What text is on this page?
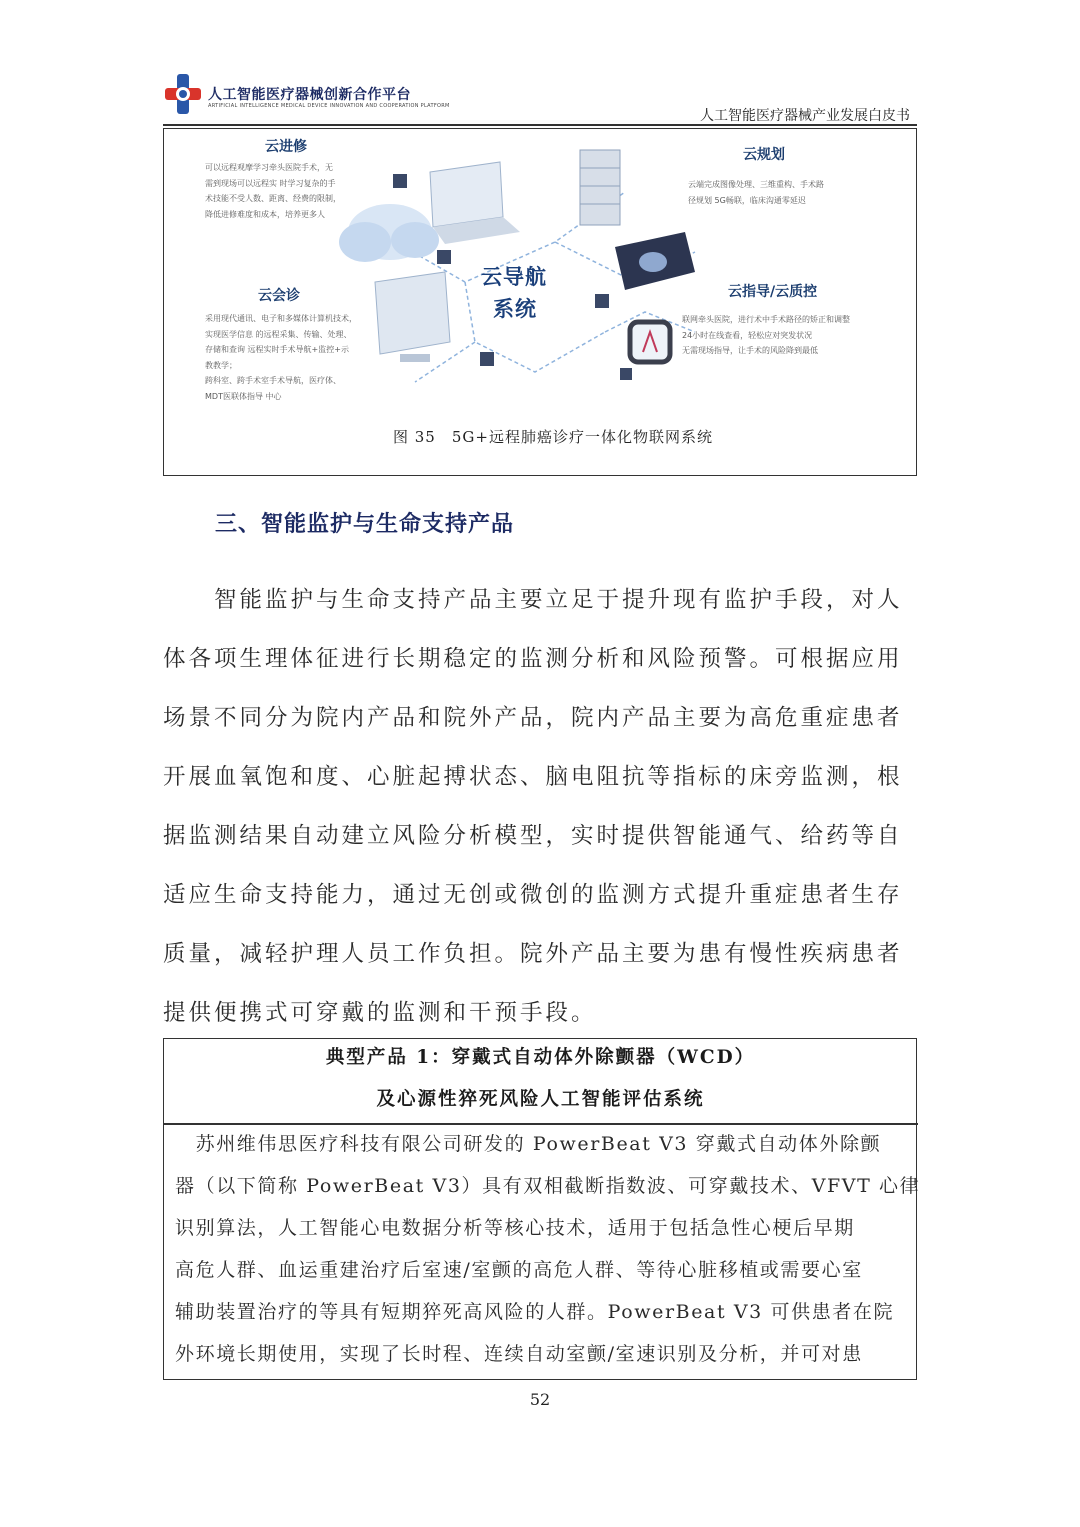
人工智能医疗器械创新合作平台
ARTIFICIAL INTELLIGENCE MEDICAL DEVICE INNOVATION AND COOPERATION PLATFORM
人工智能医疗器械产业发展白皮书
云进修
可以远程观摩学习牵头医院手术，无
需到现场可以远程实 时学习复杂的手
术技能不受人数、距离、经费的限制，
降低进修难度和成本，培养更多人
云规划
云端完成图像处理、三维重构、手术路
径规划 5G畅联，临床沟通零延迟
云导航
系统
云会诊
采用现代通讯、电子和多媒体计算机技术，
实现医学信息 的远程采集、传输、处理、
存储和查询 远程实时手术导航+监控+示
教教学；
跨科室、跨手术室手术导航，医疗体、
MDT医联体指导 中心
云指导/云质控
联网牵头医院，进行术中手术路径的矫正和调整
24小时在线查看，轻松应对突发状况
无需现场指导，让手术的风险降到最低
图 35　5G+远程肺癌诊疗一体化物联网系统
三、智能监护与生命支持产品
　　智能监护与生命支持产品主要立足于提升现有监护手段，对人
体各项生理体征进行长期稳定的监测分析和风险预警。可根据应用
场景不同分为院内产品和院外产品，院内产品主要为高危重症患者
开展血氧饱和度、心脏起搏状态、脑电阻抗等指标的床旁监测，根
据监测结果自动建立风险分析模型，实时提供智能通气、给药等自
适应生命支持能力，通过无创或微创的监测方式提升重症患者生存
质量，减轻护理人员工作负担。院外产品主要为患有慢性疾病患者
提供便携式可穿戴的监测和干预手段。
典型产品 1：穿戴式自动体外除颤器（WCD）
及心源性猝死风险人工智能评估系统
　苏州维伟思医疗科技有限公司研发的 PowerBeat V3 穿戴式自动体外除颤
器（以下简称 PowerBeat V3）具有双相截断指数波、可穿戴技术、VFVT 心律
识别算法，人工智能心电数据分析等核心技术，适用于包括急性心梗后早期
高危人群、血运重建治疗后室速/室颤的高危人群、等待心脏移植或需要心室
辅助装置治疗的等具有短期猝死高风险的人群。PowerBeat V3 可供患者在院
外环境长期使用，实现了长时程、连续自动室颤/室速识别及分析，并可对患
52
